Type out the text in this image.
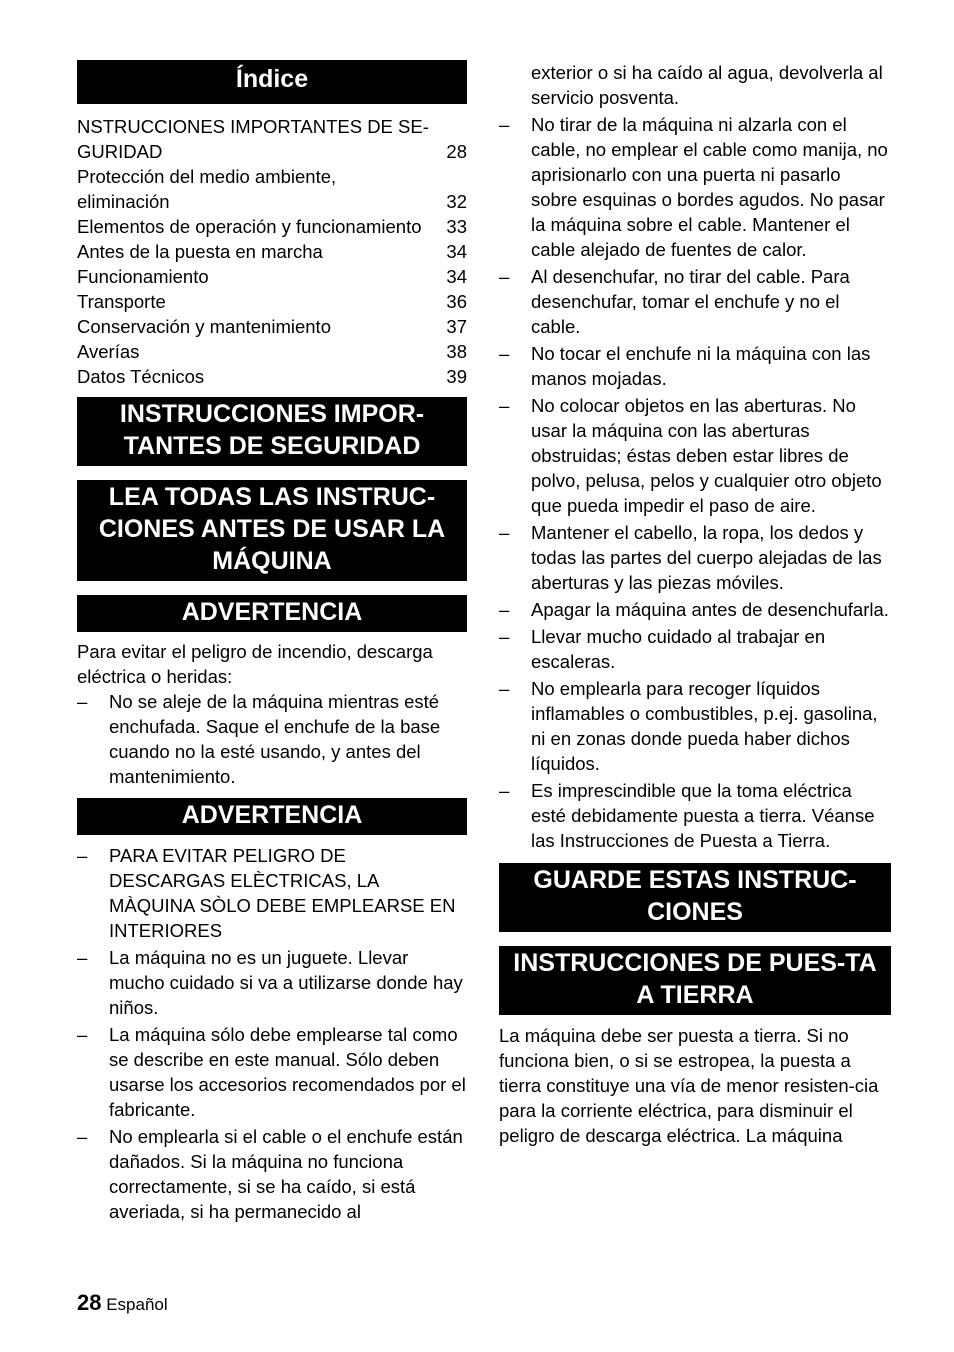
Índice
NSTRUCCIONES IMPORTANTES DE SE-GURIDAD	28
Protección del medio ambiente, eliminación	32
Elementos de operación y funcionamiento	33
Antes de la puesta en marcha	34
Funcionamiento	34
Transporte	36
Conservación y mantenimiento	37
Averías	38
Datos Técnicos	39
INSTRUCCIONES IMPOR-TANTES DE SEGURIDAD
LEA TODAS LAS INSTRUC-CIONES ANTES DE USAR LA MÁQUINA
ADVERTENCIA

Para evitar el peligro de incendio, descarga eléctrica o heridas:

– No se aleje de la máquina mientras esté enchufada. Saque el enchufe de la base cuando no la esté usando, y antes del mantenimiento.
ADVERTENCIA
– PARA EVITAR PELIGRO DE DESCARGAS ELÈCTRICAS, LA MÀQUINA SÒLO DEBE EMPLEARSE EN INTERIORES
– La máquina no es un juguete. Llevar mucho cuidado si va a utilizarse donde hay niños.
– La máquina sólo debe emplearse tal como se describe en este manual. Sólo deben usarse los accesorios recomendados por el fabricante.
– No emplearla si el cable o el enchufe están dañados. Si la máquina no funciona correctamente, si se ha caído, si está averiada, si ha permanecido al
exterior o si ha caído al agua, devolverla al servicio posventa.
– No tirar de la máquina ni alzarla con el cable, no emplear el cable como manija, no aprisionarlo con una puerta ni pasarlo sobre esquinas o bordes agudos. No pasar la máquina sobre el cable. Mantener el cable alejado de fuentes de calor.
– Al desenchufar, no tirar del cable. Para desenchufar, tomar el enchufe y no el cable.
– No tocar el enchufe ni la máquina con las manos mojadas.
– No colocar objetos en las aberturas. No usar la máquina con las aberturas obstruidas; éstas deben estar libres de polvo, pelusa, pelos y cualquier otro objeto que pueda impedir el paso de aire.
– Mantener el cabello, la ropa, los dedos y todas las partes del cuerpo alejadas de las aberturas y las piezas móviles.
– Apagar la máquina antes de desenchufarla.
– Llevar mucho cuidado al trabajar en escaleras.
– No emplearla para recoger líquidos inflamables o combustibles, p.ej. gasolina, ni en zonas donde pueda haber dichos líquidos.
– Es imprescindible que la toma eléctrica esté debidamente puesta a tierra. Véanse las Instrucciones de Puesta a Tierra.
GUARDE ESTAS INSTRUC-CIONES
INSTRUCCIONES DE PUES-TA A TIERRA

La máquina debe ser puesta a tierra. Si no funciona bien, o si se estropea, la puesta a tierra constituye una vía de menor resisten-cia para la corriente eléctrica, para disminuir el peligro de descarga eléctrica. La máquina

28 Español
